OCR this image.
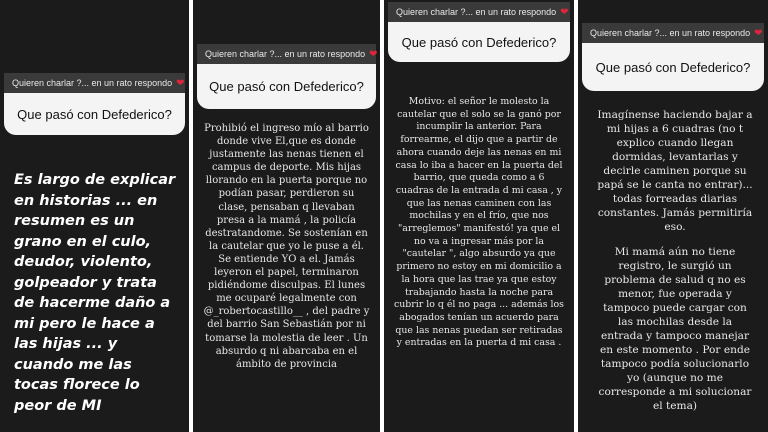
Quieren charlar ?... en un rato respondo ❤
Que pasó con Defederico?

Es largo de explicar en historias ... en resumen es un grano en el culo, deudor, violento, golpeador y trata de hacerme daño a mi pero le hace a las hijas ... y cuando me las tocas florece lo peor de MI

Quieren charlar ?... en un rato respondo ❤
Que pasó con Defederico?

Prohibió el ingreso mío al barrio donde vive El,que es donde justamente las nenas tienen el campus de deporte. Mis hijas llorando en la puerta porque no podían pasar, perdieron su clase, pensaban q llevaban presa a la mamá , la policía destratandome. Se sostenían en la cautelar que yo le puse a él. Se entiende YO a el. Jamás leyeron el papel, terminaron pidiéndome disculpas. El lunes me ocuparé legalmente con @_robertocastillo__ , del padre y del barrio San Sebastián por ni tomarse la molestia de leer . Un absurdo q ni abarcaba en el ámbito de provincia

Quieren charlar ?... en un rato respondo ❤
Que pasó con Defederico?

Motivo: el señor le molesto la cautelar que el solo se la ganó por incumplir la anterior. Para forrearme, el dijo que a partir de ahora cuando deje las nenas en mi casa lo iba a hacer en la puerta del barrio, que queda como a 6 cuadras de la entrada d mi casa , y que las nenas caminen con las mochilas y en el frío, que nos "arreglemos" manifestó! ya que el no va a ingresar más por la "cautelar ", algo absurdo ya que primero no estoy en mi domicilio a la hora que las trae ya que estoy trabajando hasta la noche para cubrir lo q él no paga ... además los abogados tenían un acuerdo para que las nenas puedan ser retiradas y entradas en la puerta d mi casa .

Quieren charlar ?... en un rato respondo ❤
Que pasó con Defederico?

Imagínense haciendo bajar a mi hijas a 6 cuadras (no t explico cuando llegan dormidas, levantarlas y decirle caminen porque su papá se le canta no entrar)... todas forreadas diarias constantes. Jamás permitiría eso.

Mi mamá aún no tiene registro, le surgió un problema de salud q no es menor, fue operada y tampoco puede cargar con las mochilas desde la entrada y tampoco manejar en este momento . Por ende tampoco podía solucionarlo yo (aunque no me corresponde a mi solucionar el tema)
